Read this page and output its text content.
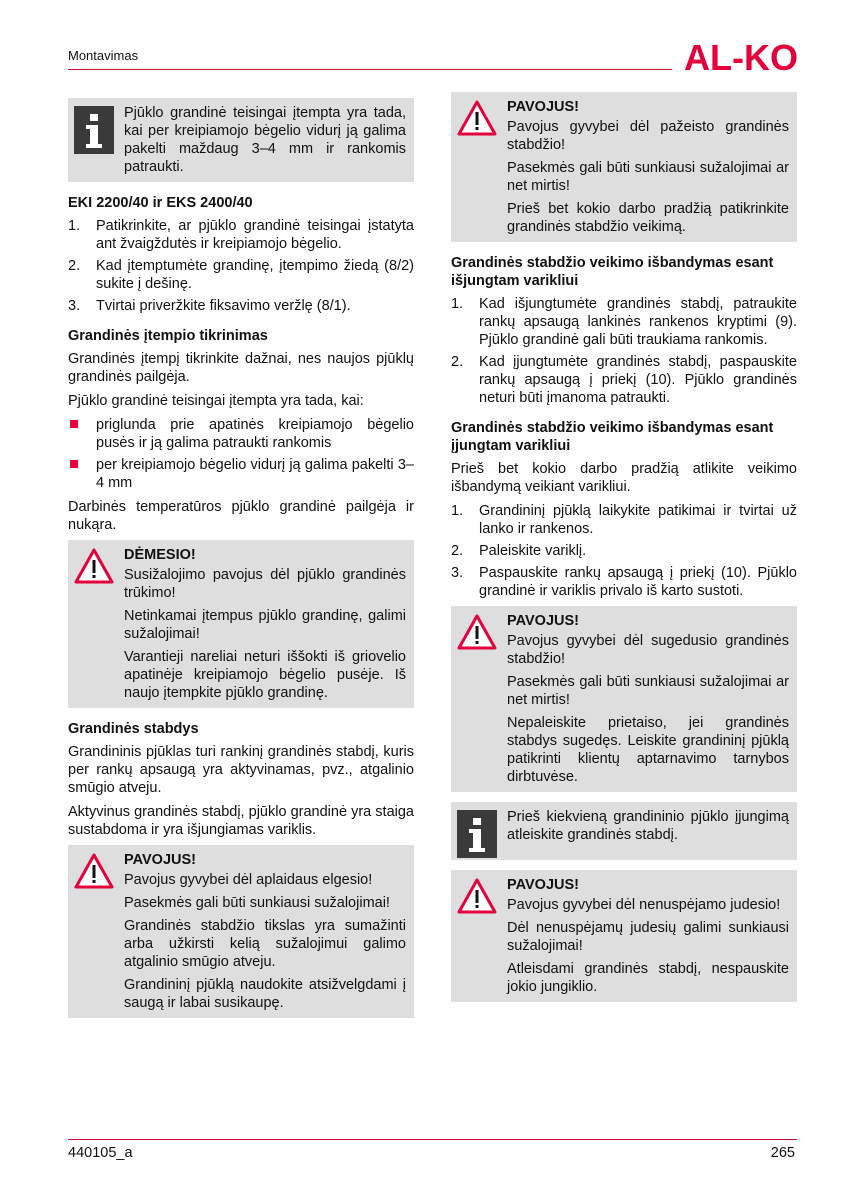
Montavimas	AL-KO

Pjūklo grandinė teisingai įtempta yra tada, kai per kreipiamojo bėgelio vidurį ją galima pakelti maždaug 3–4 mm ir rankomis patraukti.

EKI 2200/40 ir EKS 2400/40
1. Patikrinkite, ar pjūklo grandinė teisingai įstatyta ant žvaigždutės ir kreipiamojo bėgelio.
2. Kad įtemptumėte grandinę, įtempimo žiedą (8/2) sukite į dešinę.
3. Tvirtai priveržkite fiksavimo veržlę (8/1).
Grandinės įtempio tikrinimas

Grandinės įtempį tikrinkite dažnai, nes naujos pjūklų grandinės pailgėja.

Pjūklo grandinė teisingai įtempta yra tada, kai:

priglunda prie apatinės kreipiamojo bėgelio pusės ir ją galima patraukti rankomis
per kreipiamojo bėgelio vidurį ją galima pakelti 3–4 mm

Darbinės temperatūros pjūklo grandinė pailgėja ir nukąra.

DĖMESIO!

Susižalojimo pavojus dėl pjūklo grandinės trūkimo!

Netinkamai įtempus pjūklo grandinę, galimi sužalojimai!

Varantieji nareliai neturi iššokti iš griovelio apatinėje kreipiamojo bėgelio pusėje. Iš naujo įtempkite pjūklo grandinę.

Grandinės stabdys

Grandininis pjūklas turi rankinį grandinės stabdį, kuris per rankų apsaugą yra aktyvinamas, pvz., atgalinio smūgio atveju.

Aktyvinus grandinės stabdį, pjūklo grandinė yra staiga sustabdoma ir yra išjungiamas variklis.

PAVOJUS!

Pavojus gyvybei dėl aplaidaus elgesio!

Pasekmės gali būti sunkiausi sužalojimai!

Grandinės stabdžio tikslas yra sumažinti arba užkirsti kelią sužalojimui galimo atgalinio smūgio atveju.

Grandininį pjūklą naudokite atsižvelgdami į saugą ir labai susikaupę.

PAVOJUS!

Pavojus gyvybei dėl pažeisto grandinės stabdžio!

Pasekmės gali būti sunkiausi sužalojimai ar net mirtis!

Prieš bet kokio darbo pradžią patikrinkite grandinės stabdžio veikimą.

Grandinės stabdžio veikimo išbandymas esant išjungtam varikliui
1. Kad išjungtumėte grandinės stabdį, patraukite rankų apsaugą lankinės rankenos kryptimi (9). Pjūklo grandinė gali būti traukiama rankomis.
2. Kad įjungtumėte grandinės stabdį, paspauskite rankų apsaugą į priekį (10). Pjūklo grandinės neturi būti įmanoma patraukti.
Grandinės stabdžio veikimo išbandymas esant įjungtam varikliui

Prieš bet kokio darbo pradžią atlikite veikimo išbandymą veikiant varikliui.

1. Grandininį pjūklą laikykite patikimai ir tvirtai už lanko ir rankenos.
2. Paleiskite variklį.
3. Paspauskite rankų apsaugą į priekį (10). Pjūklo grandinė ir variklis privalo iš karto sustoti.
PAVOJUS!

Pavojus gyvybei dėl sugedusio grandinės stabdžio!

Pasekmės gali būti sunkiausi sužalojimai ar net mirtis!

Nepaleiskite prietaiso, jei grandinės stabdys sugedęs. Leiskite grandininį pjūklą patikrinti klientų aptarnavimo tarnybos dirbtuvėse.

Prieš kiekvieną grandininio pjūklo įjungimą atleiskite grandinės stabdį.

PAVOJUS!

Pavojus gyvybei dėl nenuspėjamo judesio!

Dėl nenuspėjamų judesių galimi sunkiausi sužalojimai!

Atleisdami grandinės stabdį, nespauskite jokio jungiklio.

440105_a	265
